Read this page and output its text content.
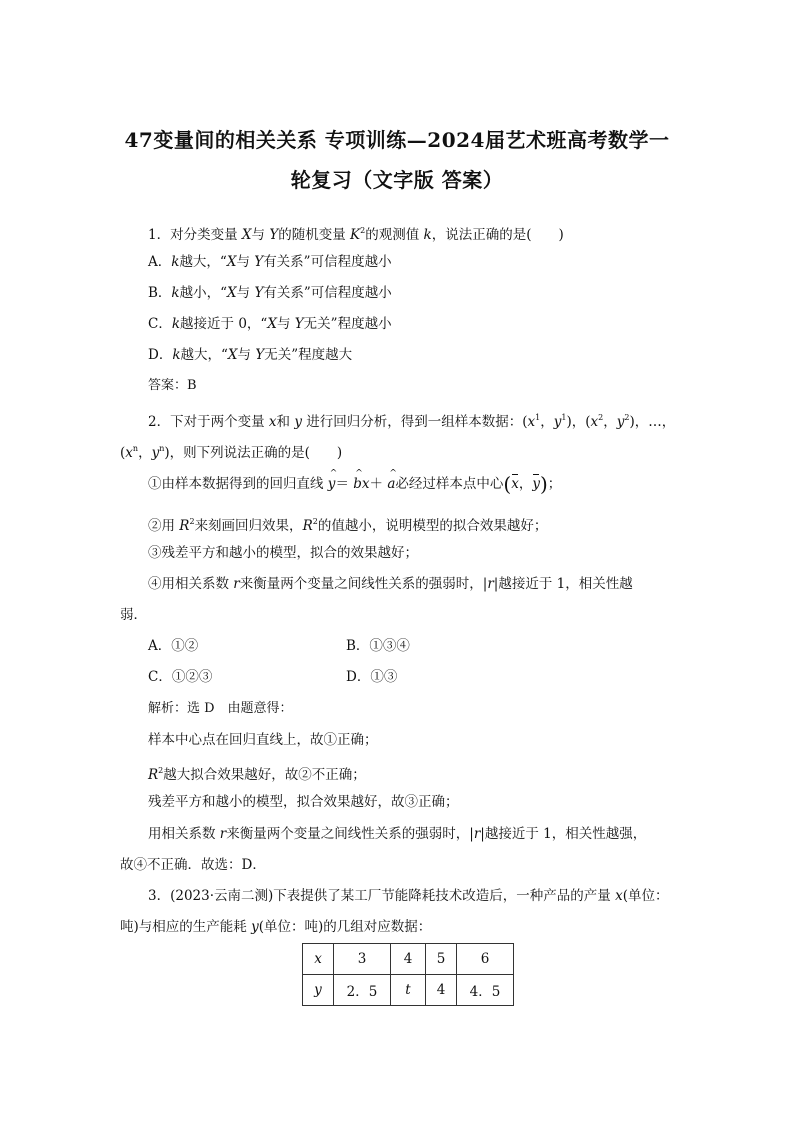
47变量间的相关关系 专项训练—2024届艺术班高考数学一
轮复习（文字版 答案）
1．对分类变量 X与 Y的随机变量 $K^2$的观测值 k，说法正确的是(　　)
A．k越大，“X与 Y有关系”可信程度越小
B．k越小，“X与 Y有关系”可信程度越小
C．k越接近于 0，“X与 Y无关”程度越小
D．k越大，“X与 Y无关”程度越大
答案：B
2．下对于两个变量 x和 y 进行回归分析，得到一组样本数据：($x^1$，$y^1$)，($x^2$，$y^2$)，…，
($x^n$，$y^n$)，则下列说法正确的是(　　)
①由样本数据得到的回归直线 ^ y＝ ^ bx＋ ^ a必经过样本点中心(x，y)；
②用 $R^2$来刻画回归效果，$R^2$的值越小，说明模型的拟合效果越好；
③残差平方和越小的模型，拟合的效果越好；
④用相关系数 r来衡量两个变量之间线性关系的强弱时，|r|越接近于 1，相关性越
弱．
A．①②	B．①③④
C．①②③	D．①③
解析：选 D　由题意得：
样本中心点在回归直线上，故①正确；
$R^2$越大拟合效果越好，故②不正确；
残差平方和越小的模型，拟合效果越好，故③正确；
用相关系数 r来衡量两个变量之间线性关系的强弱时，|r|越接近于 1，相关性越强，
故④不正确．故选：D．
3．(2023·云南二测)下表提供了某工厂节能降耗技术改造后，一种产品的产量 x(单位：
吨)与相应的生产能耗 y(单位：吨)的几组对应数据：
x	3	4	5	6
y	2．5	t	4	4．5
